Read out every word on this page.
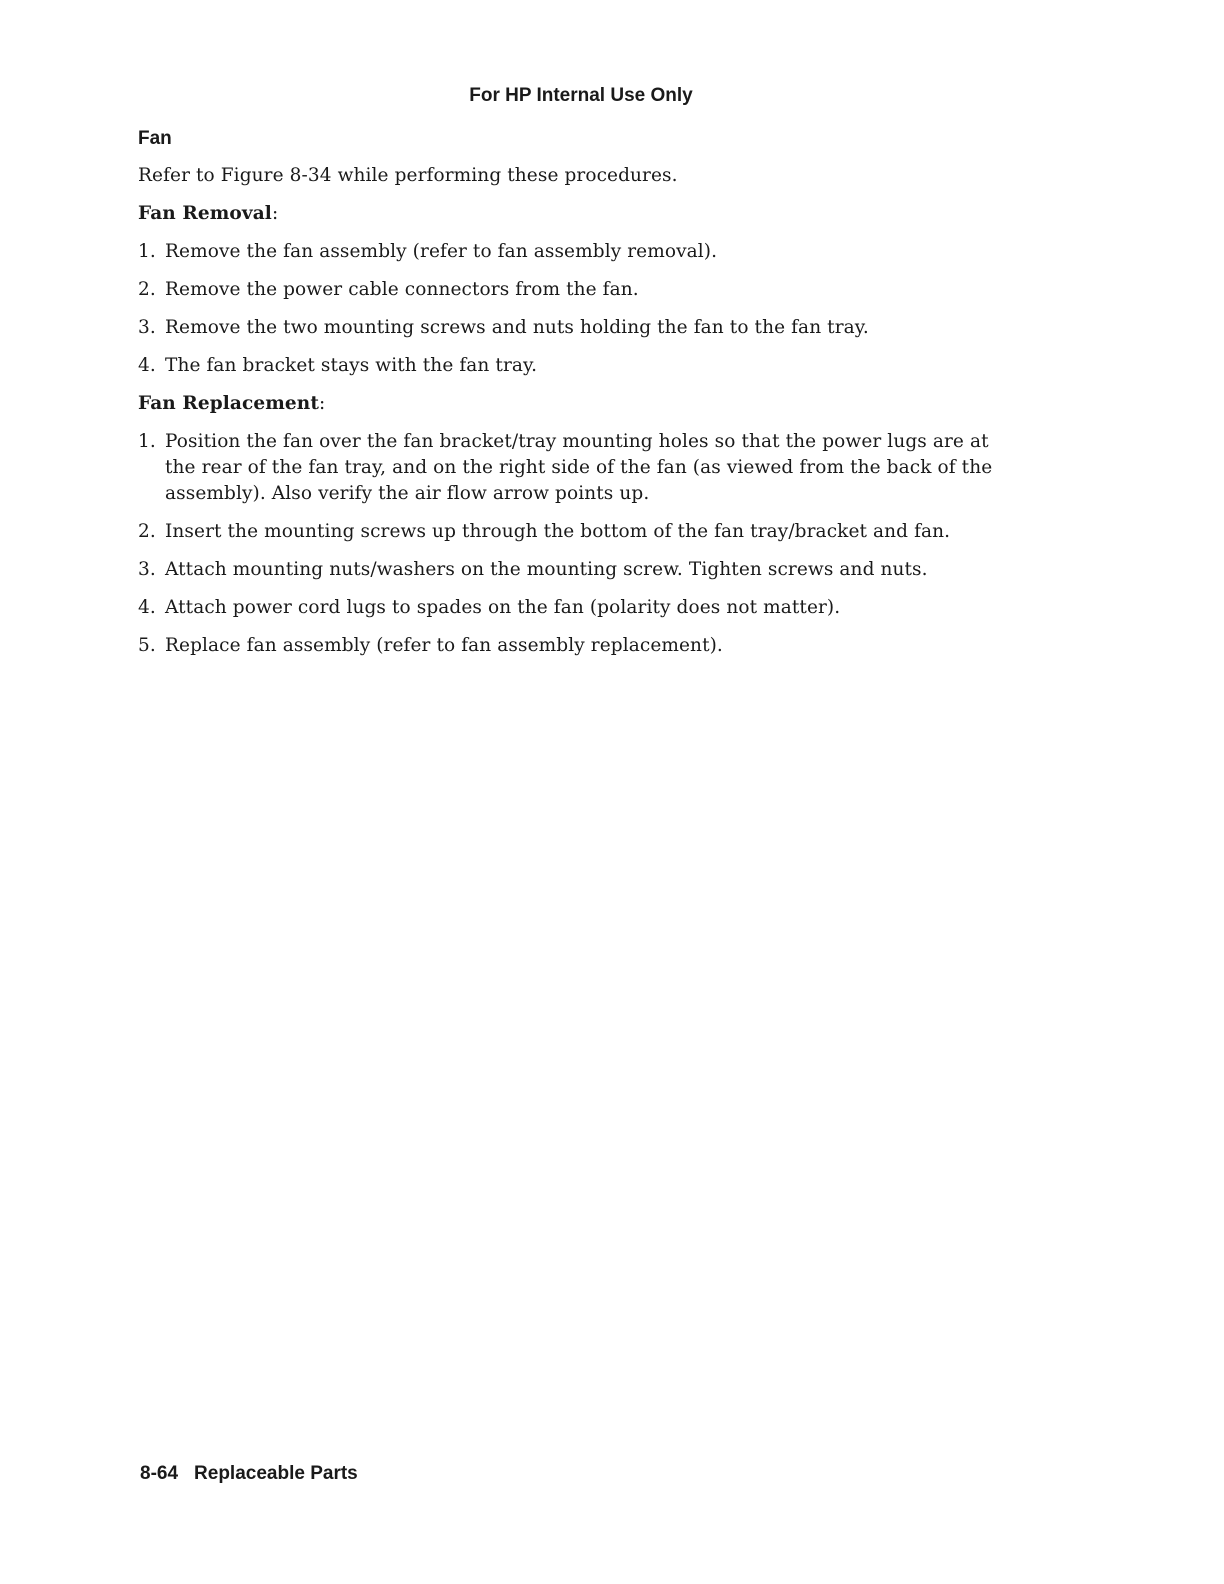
For HP Internal Use Only
Fan

Refer to Figure 8-34 while performing these procedures.

Fan Removal:

1. Remove the fan assembly (refer to fan assembly removal).
2. Remove the power cable connectors from the fan.
3. Remove the two mounting screws and nuts holding the fan to the fan tray.
4. The fan bracket stays with the fan tray.

Fan Replacement:

1. Position the fan over the fan bracket/tray mounting holes so that the power lugs are at the rear of the fan tray, and on the right side of the fan (as viewed from the back of the assembly). Also verify the air flow arrow points up.
2. Insert the mounting screws up through the bottom of the fan tray/bracket and fan.
3. Attach mounting nuts/washers on the mounting screw. Tighten screws and nuts.
4. Attach power cord lugs to spades on the fan (polarity does not matter).
5. Replace fan assembly (refer to fan assembly replacement).
8-64 Replaceable Parts
